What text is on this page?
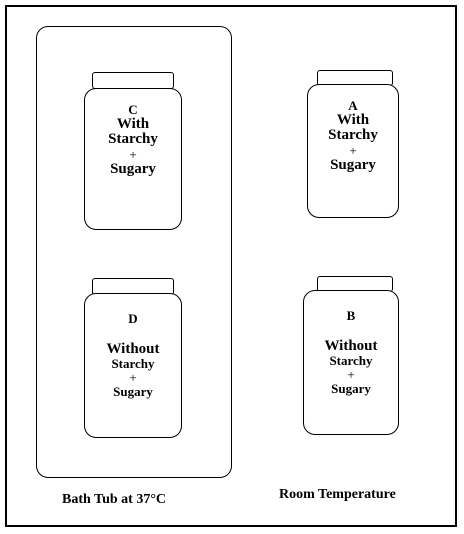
C
With
Starchy
+
Sugary
A
With
Starchy
+
Sugary
D
Without
Starchy
+
Sugary
B
Without
Starchy
+
Sugary
Bath Tub at 37°C	Room Temperature
